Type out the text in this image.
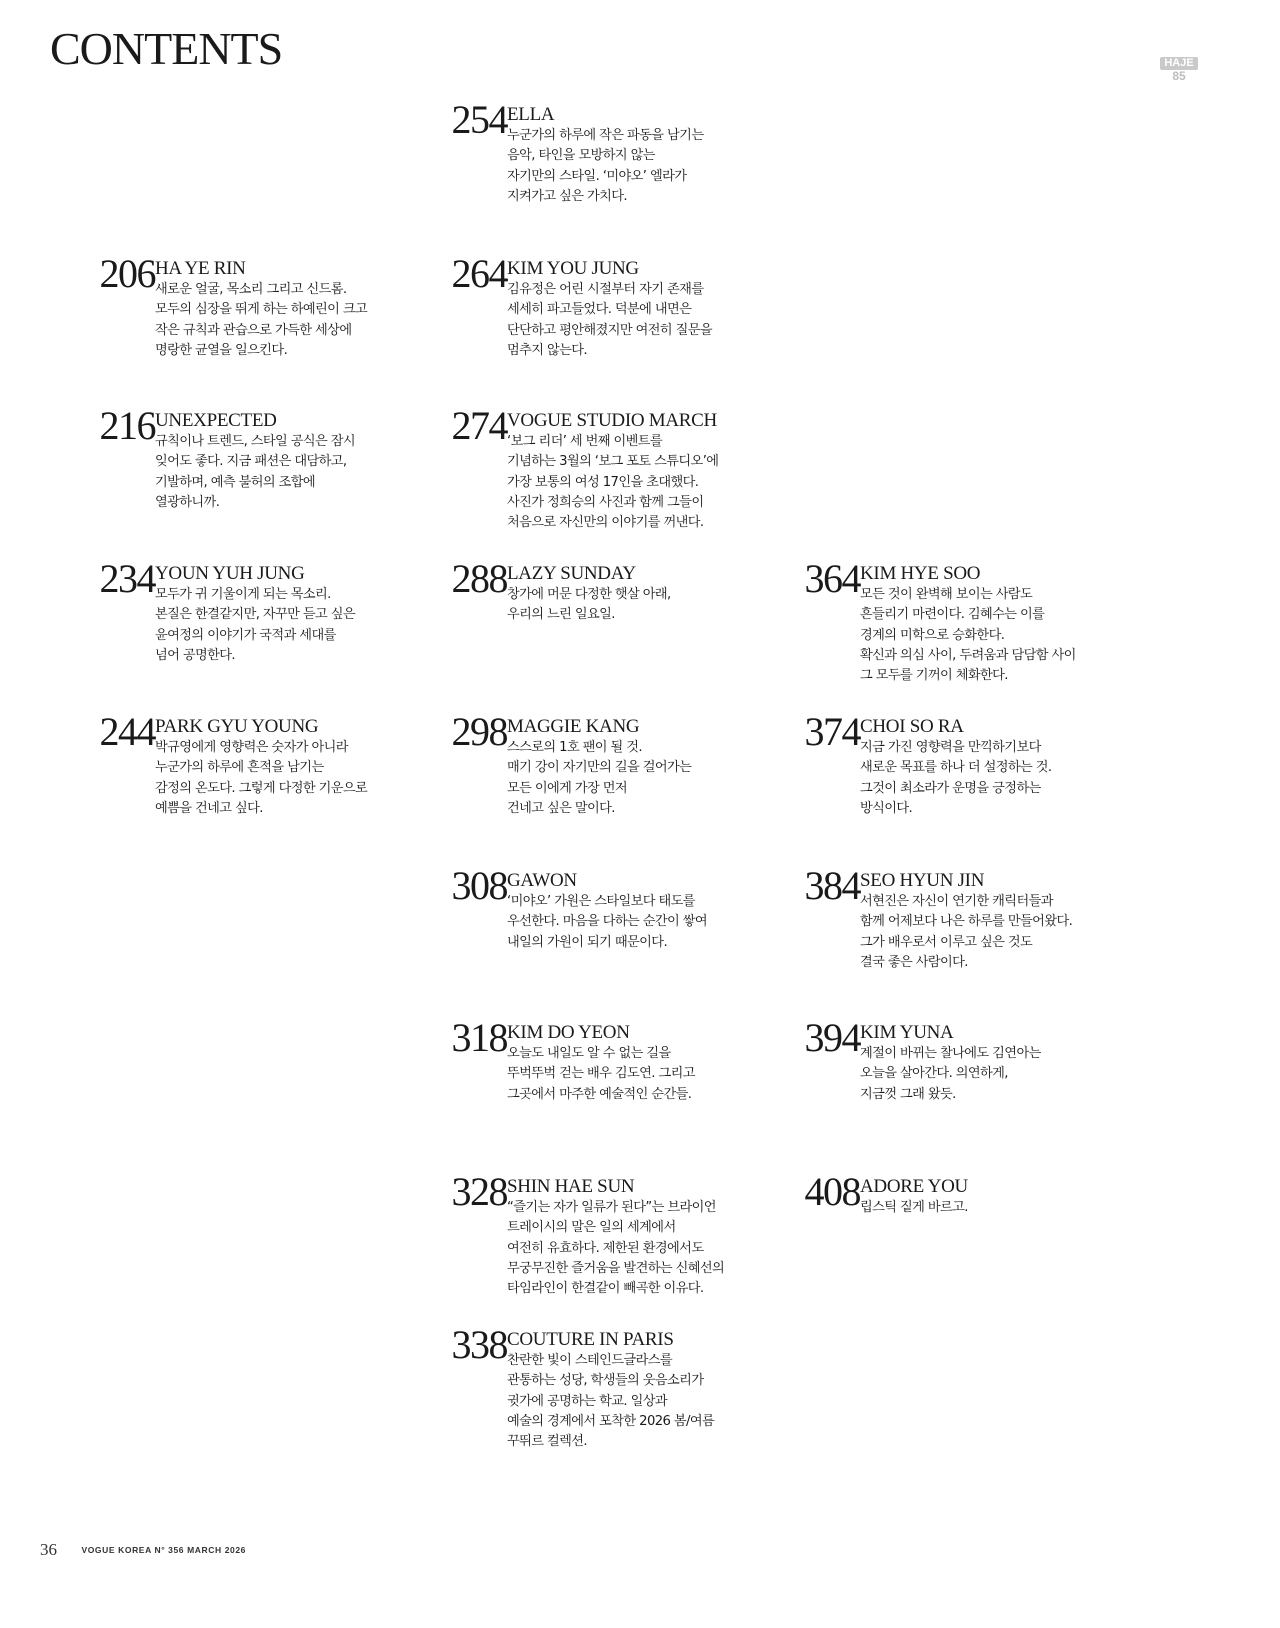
CONTENTS	HAJE
85
206 HA YE RIN

새로운 얼굴, 목소리 그리고 신드롬.
모두의 심장을 뛰게 하는 하예린이 크고
작은 규칙과 관습으로 가득한 세상에
명랑한 균열을 일으킨다.

216 UNEXPECTED

규칙이나 트렌드, 스타일 공식은 잠시
잊어도 좋다. 지금 패션은 대담하고,
기발하며, 예측 불허의 조합에
열광하니까.

234 YOUN YUH JUNG

모두가 귀 기울이게 되는 목소리.
본질은 한결같지만, 자꾸만 듣고 싶은
윤여정의 이야기가 국적과 세대를
넘어 공명한다.

244 PARK GYU YOUNG

박규영에게 영향력은 숫자가 아니라
누군가의 하루에 흔적을 남기는
감정의 온도다. 그렇게 다정한 기운으로
예쁨을 건네고 싶다.

254 ELLA

누군가의 하루에 작은 파동을 남기는
음악, 타인을 모방하지 않는
자기만의 스타일. ‘미야오’ 엘라가
지켜가고 싶은 가치다.

264 KIM YOU JUNG

김유정은 어린 시절부터 자기 존재를
세세히 파고들었다. 덕분에 내면은
단단하고 평안해졌지만 여전히 질문을
멈추지 않는다.

274 VOGUE STUDIO MARCH

‘보그 리더’ 세 번째 이벤트를
기념하는 3월의 ‘보그 포토 스튜디오’에
가장 보통의 여성 17인을 초대했다.
사진가 정희승의 사진과 함께 그들이
처음으로 자신만의 이야기를 꺼낸다.

288 LAZY SUNDAY

창가에 머문 다정한 햇살 아래,
우리의 느린 일요일.

298 MAGGIE KANG

스스로의 1호 팬이 될 것.
매기 강이 자기만의 길을 걸어가는
모든 이에게 가장 먼저
건네고 싶은 말이다.

308 GAWON

‘미야오’ 가원은 스타일보다 태도를
우선한다. 마음을 다하는 순간이 쌓여
내일의 가원이 되기 때문이다.

318 KIM DO YEON

오늘도 내일도 알 수 없는 길을
뚜벅뚜벅 걷는 배우 김도연. 그리고
그곳에서 마주한 예술적인 순간들.

328 SHIN HAE SUN

“즐기는 자가 일류가 된다”는 브라이언
트레이시의 말은 일의 세계에서
여전히 유효하다. 제한된 환경에서도
무궁무진한 즐거움을 발견하는 신혜선의
타임라인이 한결같이 빼곡한 이유다.

338 COUTURE IN PARIS

찬란한 빛이 스테인드글라스를
관통하는 성당, 학생들의 웃음소리가
귓가에 공명하는 학교. 일상과
예술의 경계에서 포착한 2026 봄/여름
꾸뛰르 컬렉션.

364 KIM HYE SOO

모든 것이 완벽해 보이는 사람도
흔들리기 마련이다. 김혜수는 이를
경계의 미학으로 승화한다.
확신과 의심 사이, 두려움과 담담함 사이
그 모두를 기꺼이 체화한다.

374 CHOI SO RA

지금 가진 영향력을 만끽하기보다
새로운 목표를 하나 더 설정하는 것.
그것이 최소라가 운명을 긍정하는
방식이다.

384 SEO HYUN JIN

서현진은 자신이 연기한 캐릭터들과
함께 어제보다 나은 하루를 만들어왔다.
그가 배우로서 이루고 싶은 것도
결국 좋은 사람이다.

394 KIM YUNA

계절이 바뀌는 찰나에도 김연아는
오늘을 살아간다. 의연하게,
지금껏 그래 왔듯.

408 ADORE YOU

립스틱 짙게 바르고.

36	VOGUE KOREA N° 356 MARCH 2026
